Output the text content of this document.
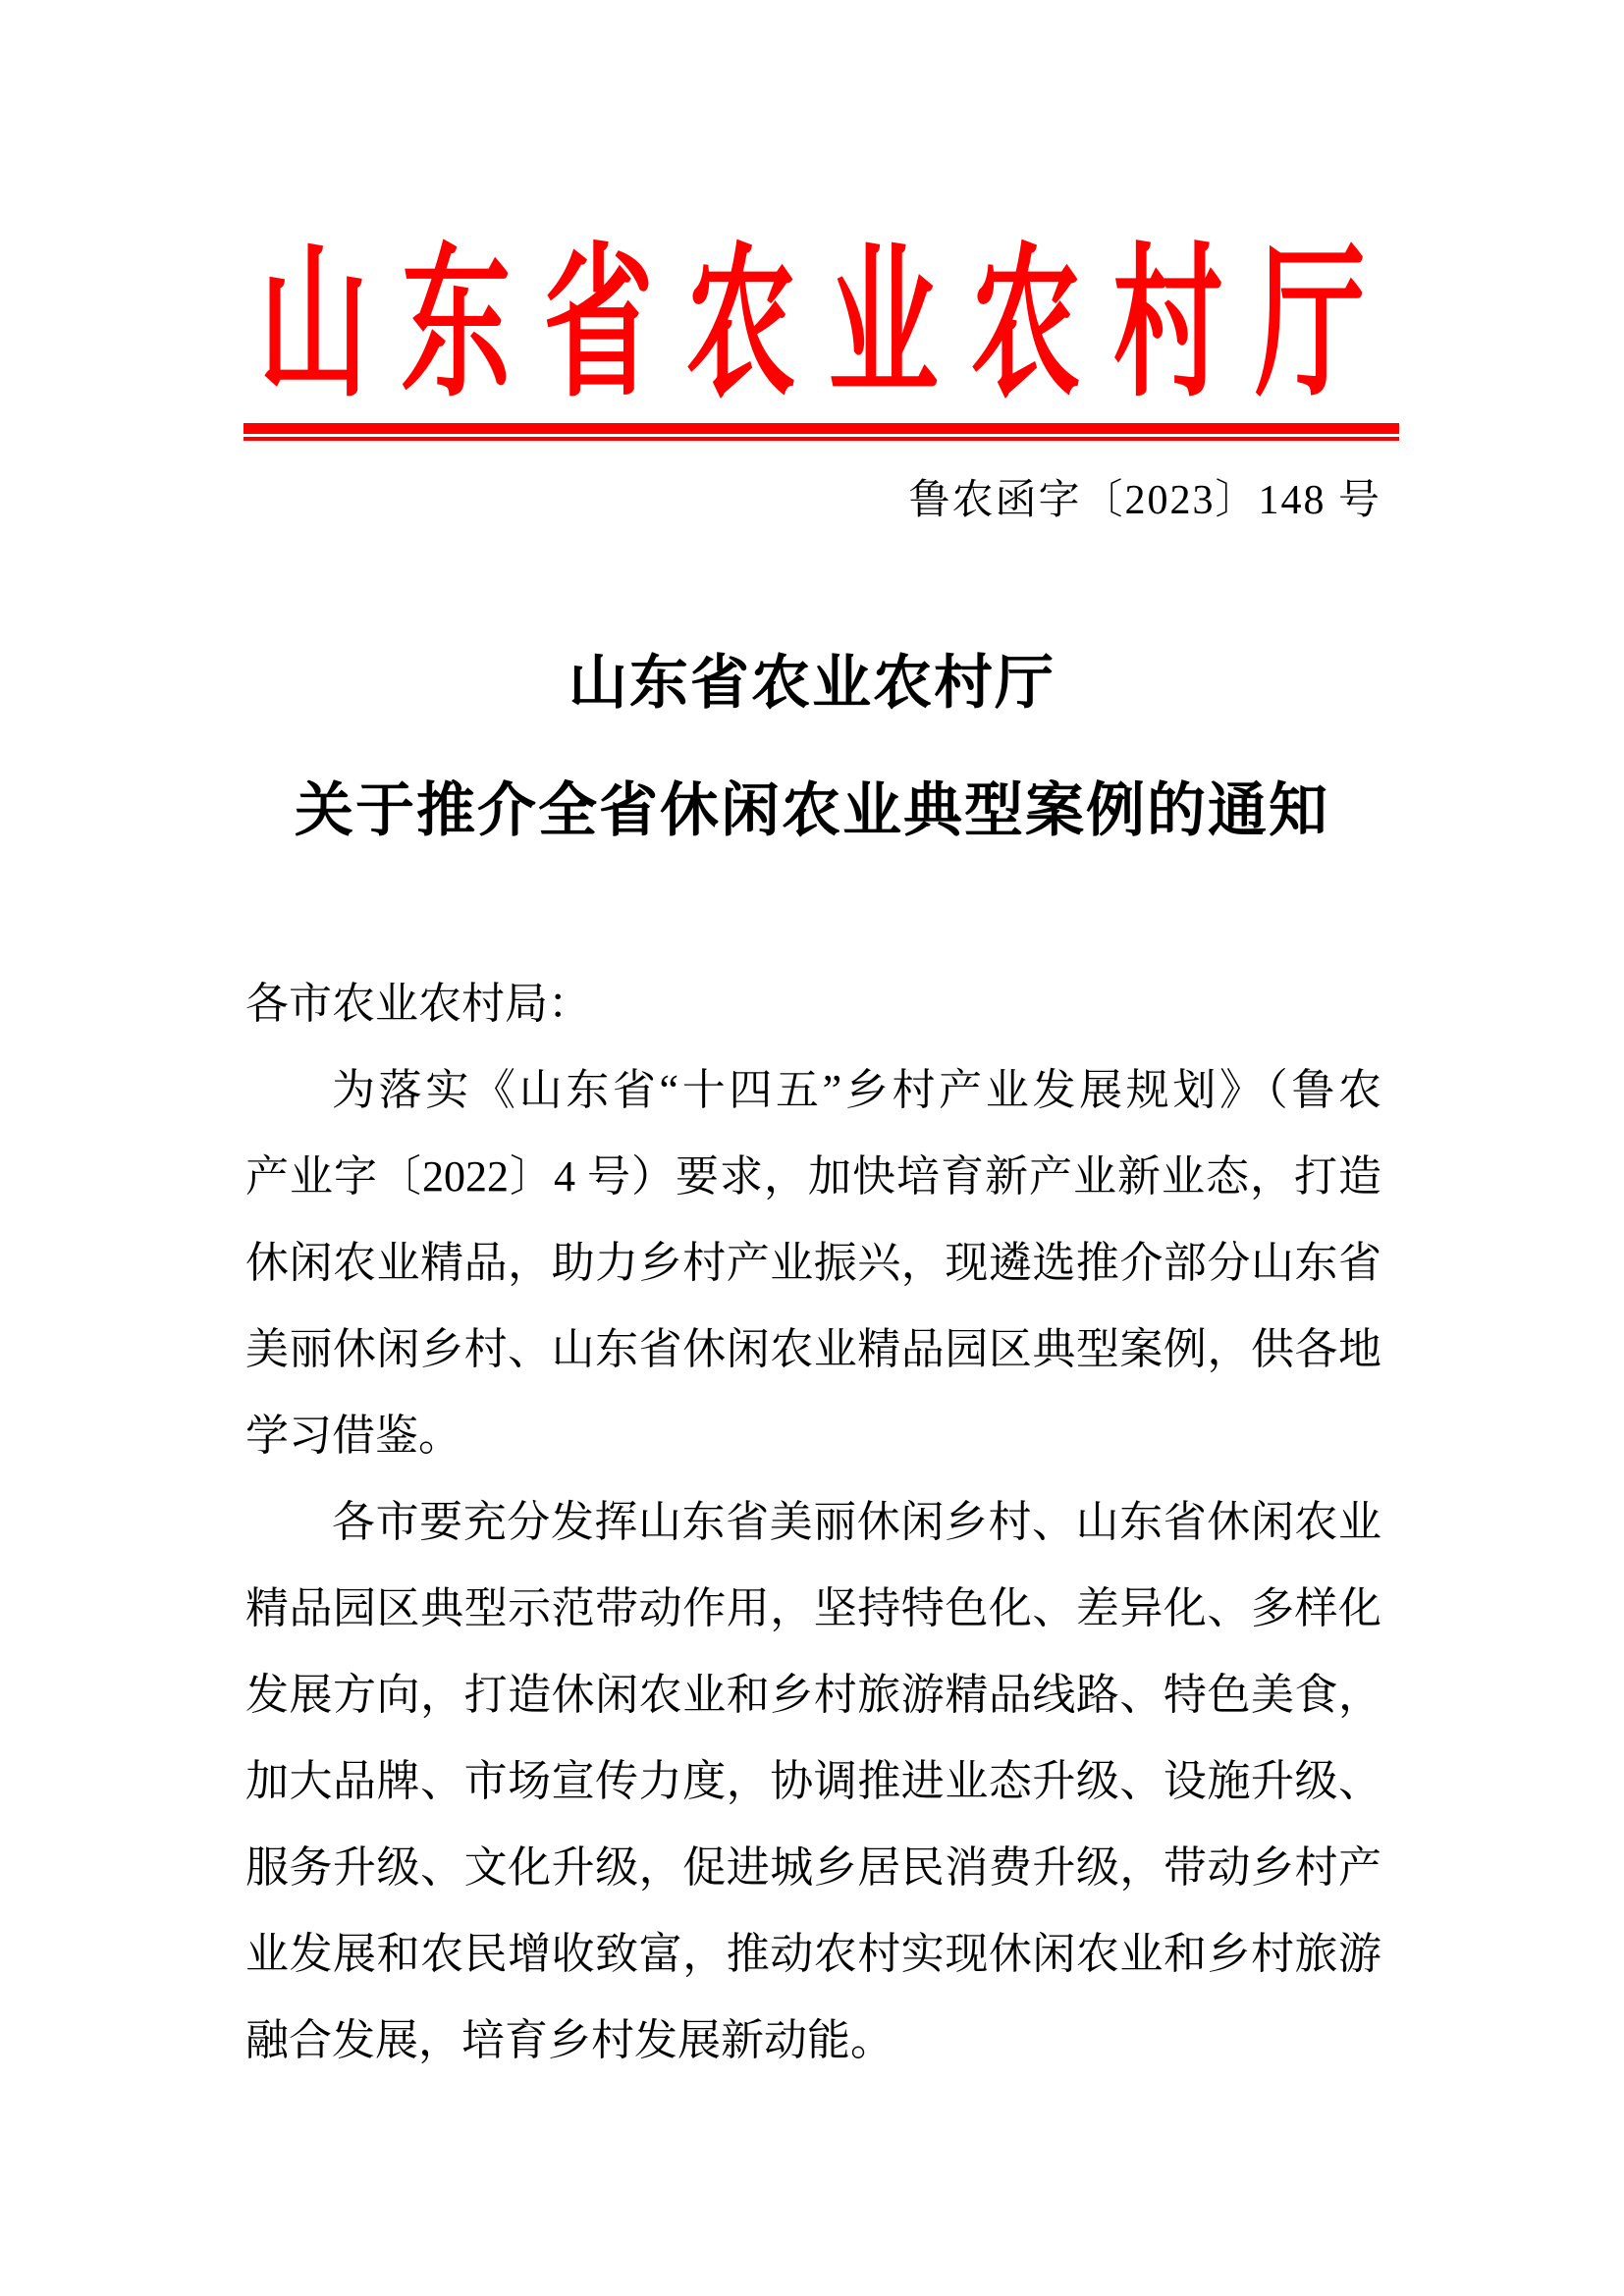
山东省农业农村厅
鲁农函字〔2023〕148 号
山东省农业农村厅
关于推介全省休闲农业典型案例的通知
各市农业农村局：
为落实《山东省“十四五”乡村产业发展规划》（鲁农
产业字〔2022〕4 号）要求，加快培育新产业新业态，打造
休闲农业精品，助力乡村产业振兴，现遴选推介部分山东省
美丽休闲乡村、山东省休闲农业精品园区典型案例，供各地
学习借鉴。
各市要充分发挥山东省美丽休闲乡村、山东省休闲农业
精品园区典型示范带动作用，坚持特色化、差异化、多样化
发展方向，打造休闲农业和乡村旅游精品线路、特色美食，
加大品牌、市场宣传力度，协调推进业态升级、设施升级、
服务升级、文化升级，促进城乡居民消费升级，带动乡村产
业发展和农民增收致富，推动农村实现休闲农业和乡村旅游
融合发展，培育乡村发展新动能。
